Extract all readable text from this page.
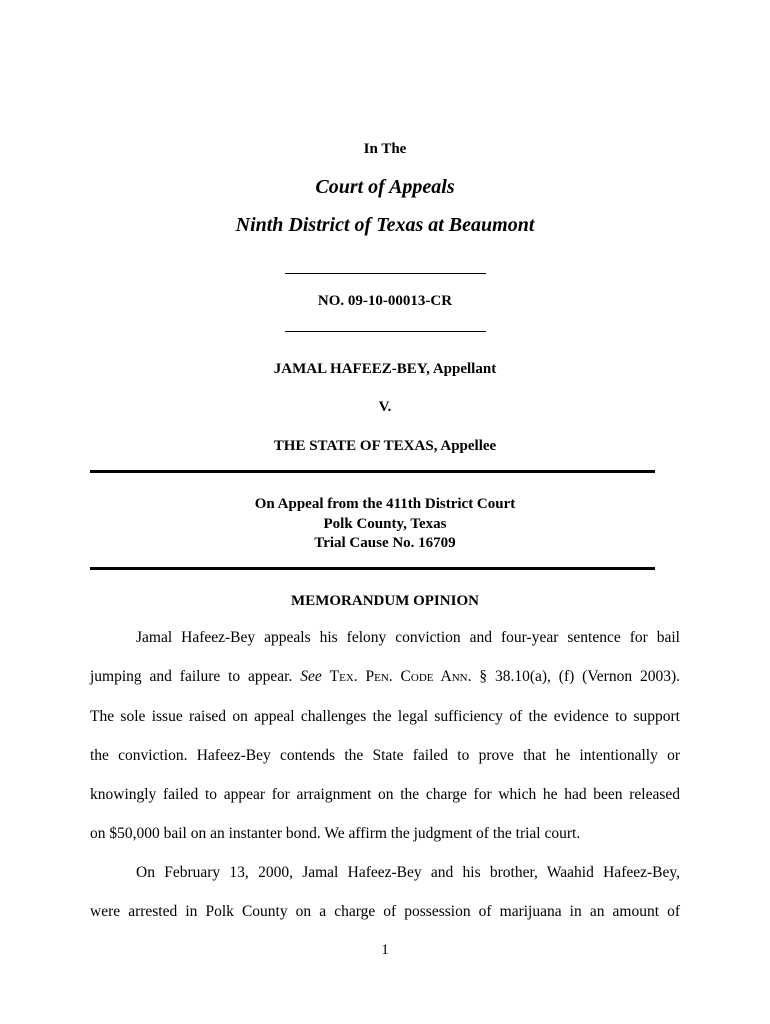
In The
Court of Appeals
Ninth District of Texas at Beaumont
NO. 09-10-00013-CR
JAMAL HAFEEZ-BEY, Appellant
V.
THE STATE OF TEXAS, Appellee
On Appeal from the 411th District Court
Polk County, Texas
Trial Cause No. 16709
MEMORANDUM OPINION
Jamal Hafeez-Bey appeals his felony conviction and four-year sentence for bail
jumping and failure to appear. See Tex. Pen. Code Ann. § 38.10(a), (f) (Vernon 2003).
The sole issue raised on appeal challenges the legal sufficiency of the evidence to support
the conviction. Hafeez-Bey contends the State failed to prove that he intentionally or
knowingly failed to appear for arraignment on the charge for which he had been released
on $50,000 bail on an instanter bond. We affirm the judgment of the trial court.
On February 13, 2000, Jamal Hafeez-Bey and his brother, Waahid Hafeez-Bey,
were arrested in Polk County on a charge of possession of marijuana in an amount of
1
